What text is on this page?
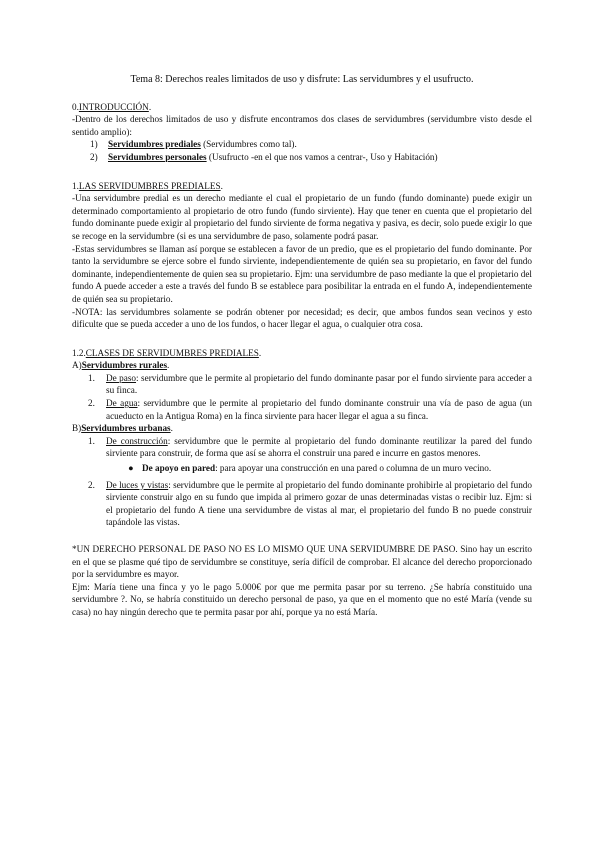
Tema 8: Derechos reales limitados de uso y disfrute: Las servidumbres y el usufructo.
0.INTRODUCCIÓN.

-Dentro de los derechos limitados de uso y disfrute encontramos dos clases de servidumbres (servidumbre visto desde el sentido amplio):

1) Servidumbres prediales (Servidumbres como tal).
2) Servidumbres personales (Usufructo -en el que nos vamos a centrar-, Uso y Habitación)
1.LAS SERVIDUMBRES PREDIALES.

-Una servidumbre predial es un derecho mediante el cual el propietario de un fundo (fundo dominante) puede exigir un determinado comportamiento al propietario de otro fundo (fundo sirviente). Hay que tener en cuenta que el propietario del fundo dominante puede exigir al propietario del fundo sirviente de forma negativa y pasiva, es decir, solo puede exigir lo que se recoge en la servidumbre (si es una servidumbre de paso, solamente podrá pasar.

-Estas servidumbres se llaman así porque se establecen a favor de un predio, que es el propietario del fundo dominante. Por tanto la servidumbre se ejerce sobre el fundo sirviente, independientemente de quién sea su propietario, en favor del fundo dominante, independientemente de quien sea su propietario. Ejm: una servidumbre de paso mediante la que el propietario del fundo A puede acceder a este a través del fundo B se establece para posibilitar la entrada en el fundo A, independientemente de quién sea su propietario.

-NOTA: las servidumbres solamente se podrán obtener por necesidad; es decir, que ambos fundos sean vecinos y esto dificulte que se pueda acceder a uno de los fundos, o hacer llegar el agua, o cualquier otra cosa.

1.2.CLASES DE SERVIDUMBRES PREDIALES.
A)Servidumbres rurales.
1. De paso: servidumbre que le permite al propietario del fundo dominante pasar por el fundo sirviente para acceder a su finca.
2. De agua: servidumbre que le permite al propietario del fundo dominante construir una vía de paso de agua (un acueducto en la Antigua Roma) en la finca sirviente para hacer llegar el agua a su finca.
B)Servidumbres urbanas.
1. De construcción: servidumbre que le permite al propietario del fundo dominante reutilizar la pared del fundo sirviente para construir, de forma que así se ahorra el construir una pared e incurre en gastos menores.
● De apoyo en pared: para apoyar una construcción en una pared o columna de un muro vecino.
2. De luces y vistas: servidumbre que le permite al propietario del fundo dominante prohibirle al propietario del fundo sirviente construir algo en su fundo que impida al primero gozar de unas determinadas vistas o recibir luz. Ejm: si el propietario del fundo A tiene una servidumbre de vistas al mar, el propietario del fundo B no puede construir tapándole las vistas.

*UN DERECHO PERSONAL DE PASO NO ES LO MISMO QUE UNA SERVIDUMBRE DE PASO. Sino hay un escrito en el que se plasme qué tipo de servidumbre se constituye, sería difícil de comprobar. El alcance del derecho proporcionado por la servidumbre es mayor.

Ejm: María tiene una finca y yo le pago 5.000€ por que me permita pasar por su terreno. ¿Se habría constituido una servidumbre ?. No, se habría constituido un derecho personal de paso, ya que en el momento que no esté María (vende su casa) no hay ningún derecho que te permita pasar por ahí, porque ya no está María.
